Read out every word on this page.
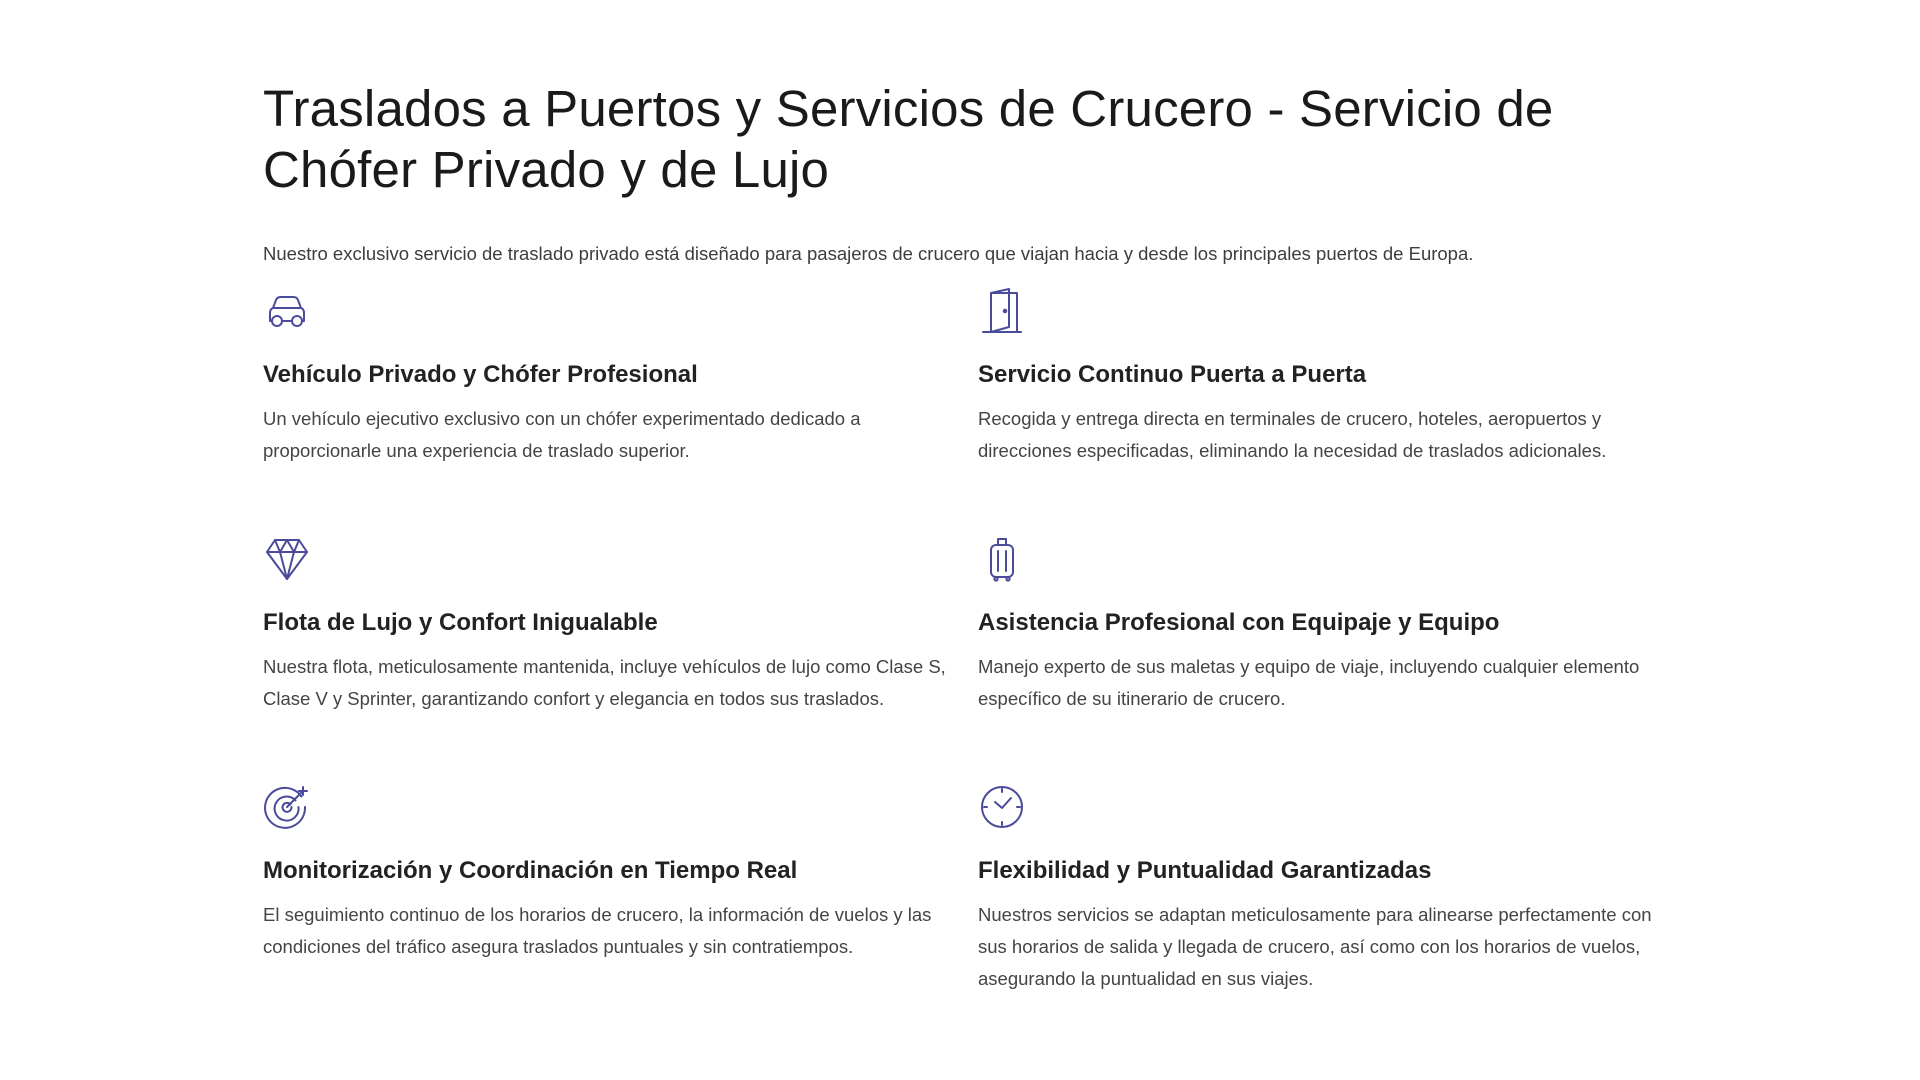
Traslados a Puertos y Servicios de Crucero - Servicio de Chófer Privado y de Lujo

Nuestro exclusivo servicio de traslado privado está diseñado para pasajeros de crucero que viajan hacia y desde los principales puertos de Europa.

Vehículo Privado y Chófer Profesional

Un vehículo ejecutivo exclusivo con un chófer experimentado dedicado a proporcionarle una experiencia de traslado superior.

Servicio Continuo Puerta a Puerta

Recogida y entrega directa en terminales de crucero, hoteles, aeropuertos y direcciones especificadas, eliminando la necesidad de traslados adicionales.

Flota de Lujo y Confort Inigualable

Nuestra flota, meticulosamente mantenida, incluye vehículos de lujo como Clase S, Clase V y Sprinter, garantizando confort y elegancia en todos sus traslados.

Asistencia Profesional con Equipaje y Equipo

Manejo experto de sus maletas y equipo de viaje, incluyendo cualquier elemento específico de su itinerario de crucero.

Monitorización y Coordinación en Tiempo Real

El seguimiento continuo de los horarios de crucero, la información de vuelos y las condiciones del tráfico asegura traslados puntuales y sin contratiempos.

Flexibilidad y Puntualidad Garantizadas

Nuestros servicios se adaptan meticulosamente para alinearse perfectamente con sus horarios de salida y llegada de crucero, así como con los horarios de vuelos, asegurando la puntualidad en sus viajes.
